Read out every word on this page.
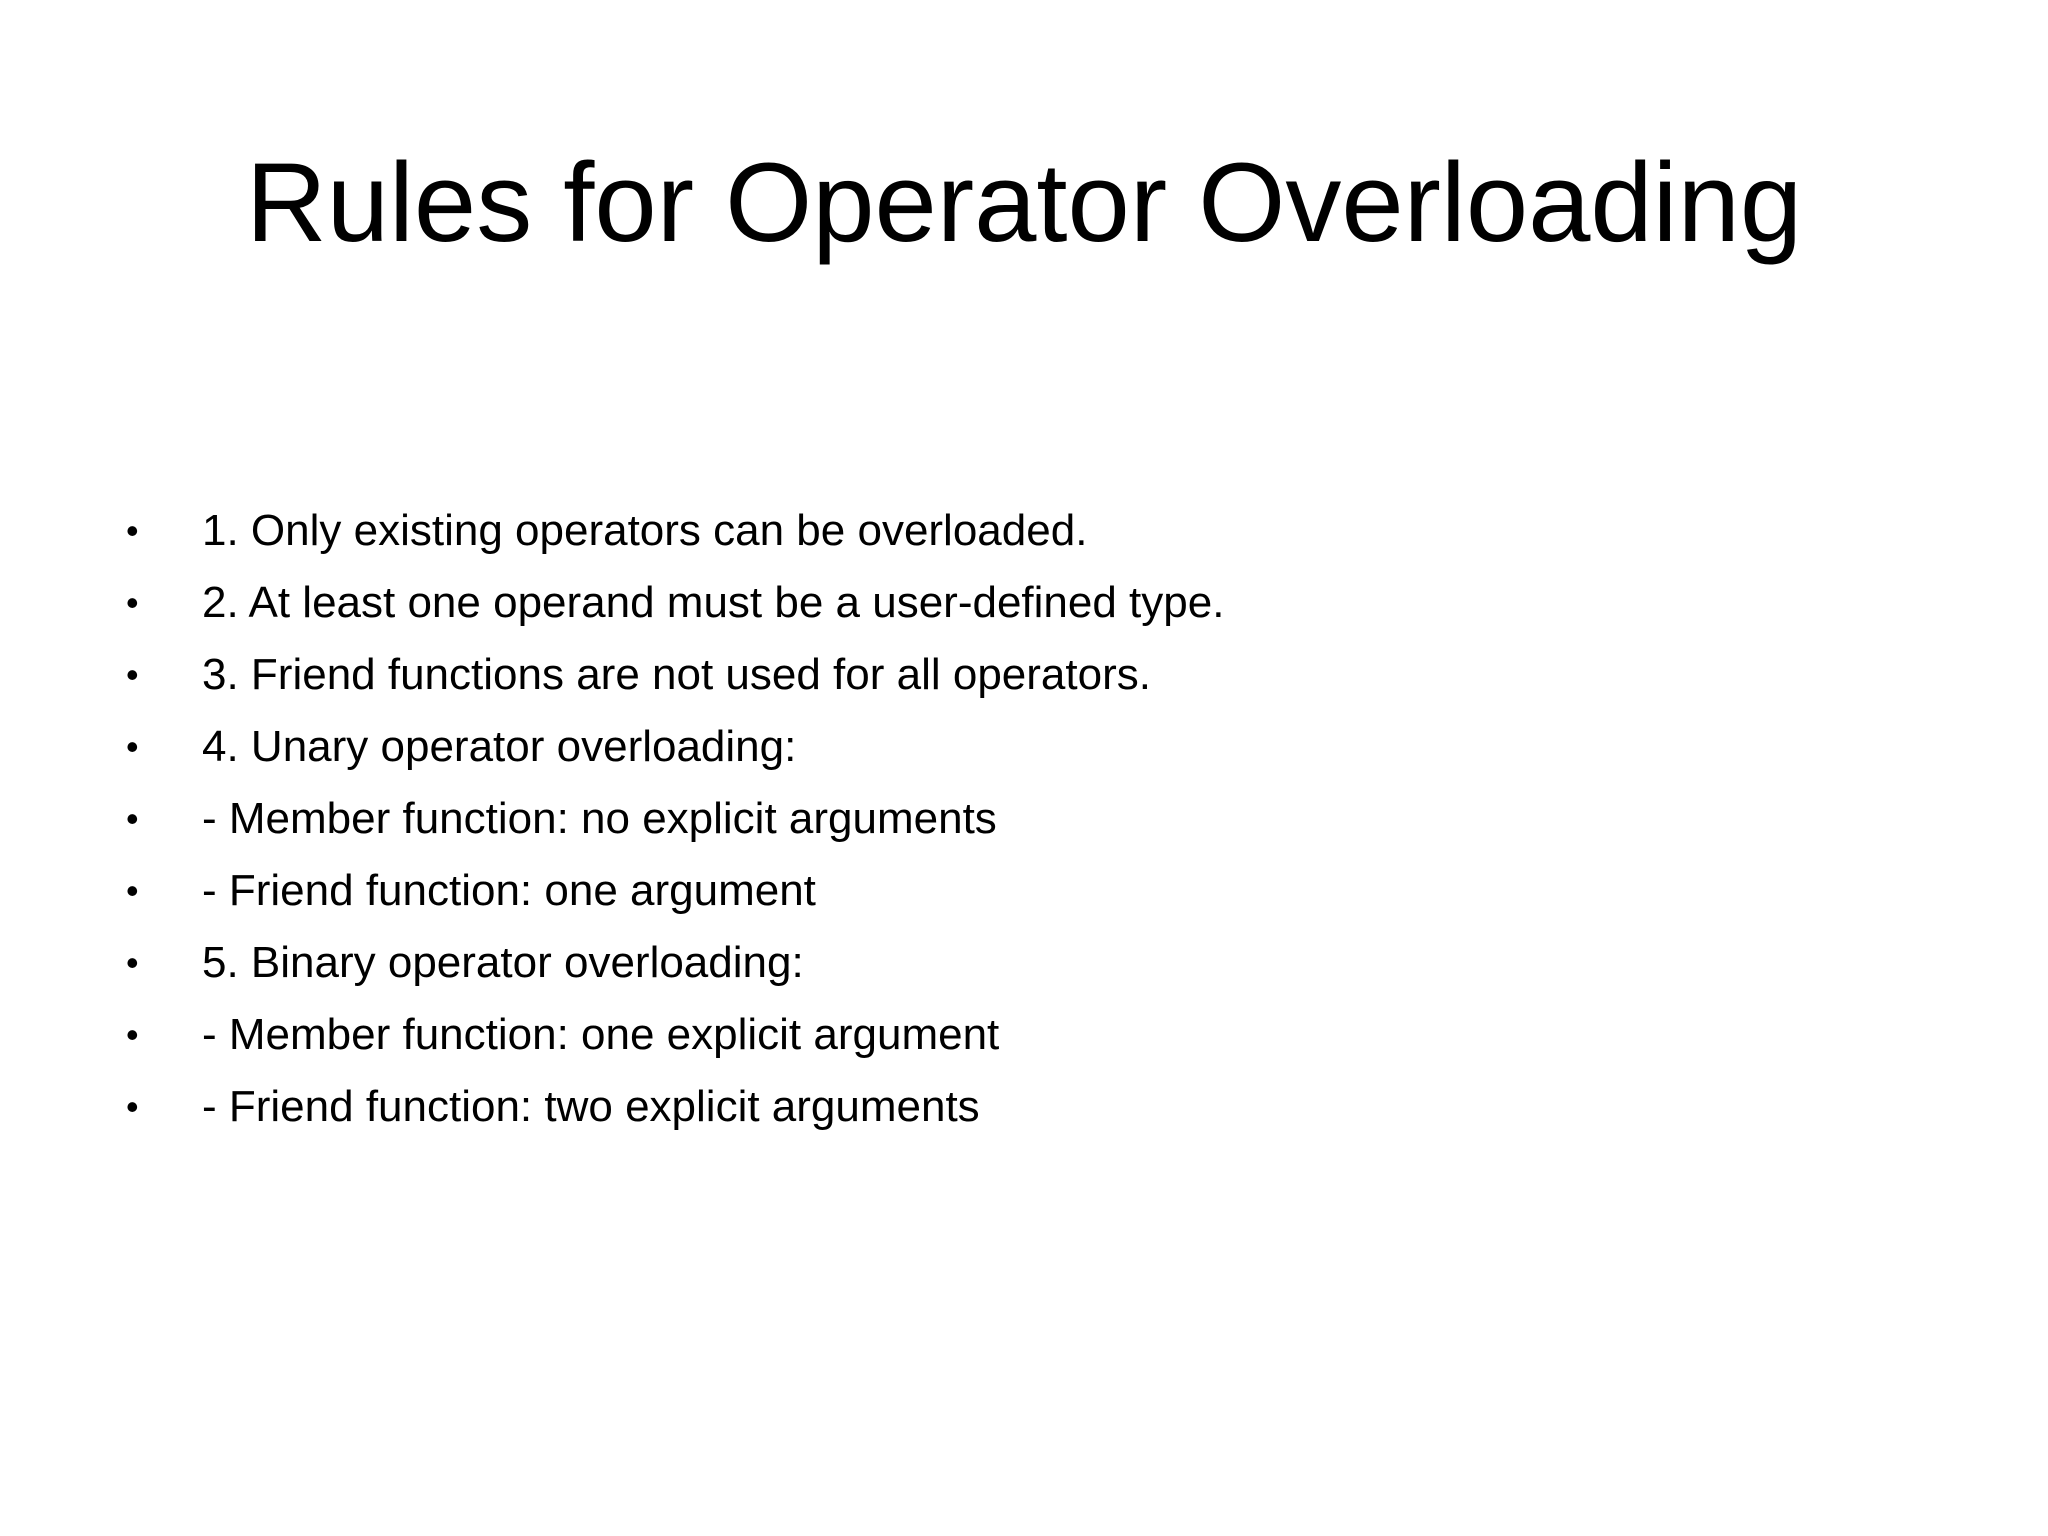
Rules for Operator Overloading
•	1. Only existing operators can be overloaded.
•	2. At least one operand must be a user-defined type.
•	3. Friend functions are not used for all operators.
•	4. Unary operator overloading:
•	- Member function: no explicit arguments
•	- Friend function: one argument
•	5. Binary operator overloading:
•	- Member function: one explicit argument
•	- Friend function: two explicit arguments
